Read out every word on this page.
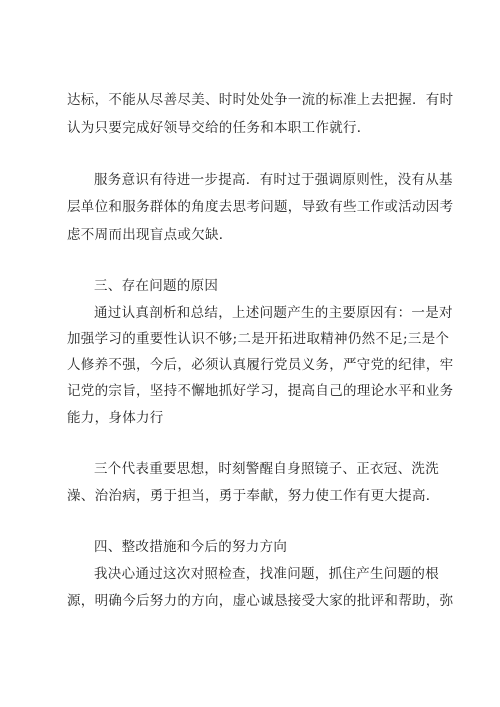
达标，不能从尽善尽美、时时处处争一流的标准上去把握．有时
认为只要完成好领导交给的任务和本职工作就行．
服务意识有待进一步提高．有时过于强调原则性，没有从基
层单位和服务群体的角度去思考问题，导致有些工作或活动因考
虑不周而出现盲点或欠缺．
三、存在问题的原因
通过认真剖析和总结，上述问题产生的主要原因有：一是对
加强学习的重要性认识不够;二是开拓进取精神仍然不足;三是个
人修养不强，今后，必须认真履行党员义务，严守党的纪律，牢
记党的宗旨，坚持不懈地抓好学习，提高自己的理论水平和业务
能力，身体力行
三个代表重要思想，时刻警醒自身照镜子、正衣冠、洗洗
澡、治治病，勇于担当，勇于奉献，努力使工作有更大提高．
四、整改措施和今后的努力方向
我决心通过这次对照检查，找准问题，抓住产生问题的根
源，明确今后努力的方向，虚心诚恳接受大家的批评和帮助，弥
